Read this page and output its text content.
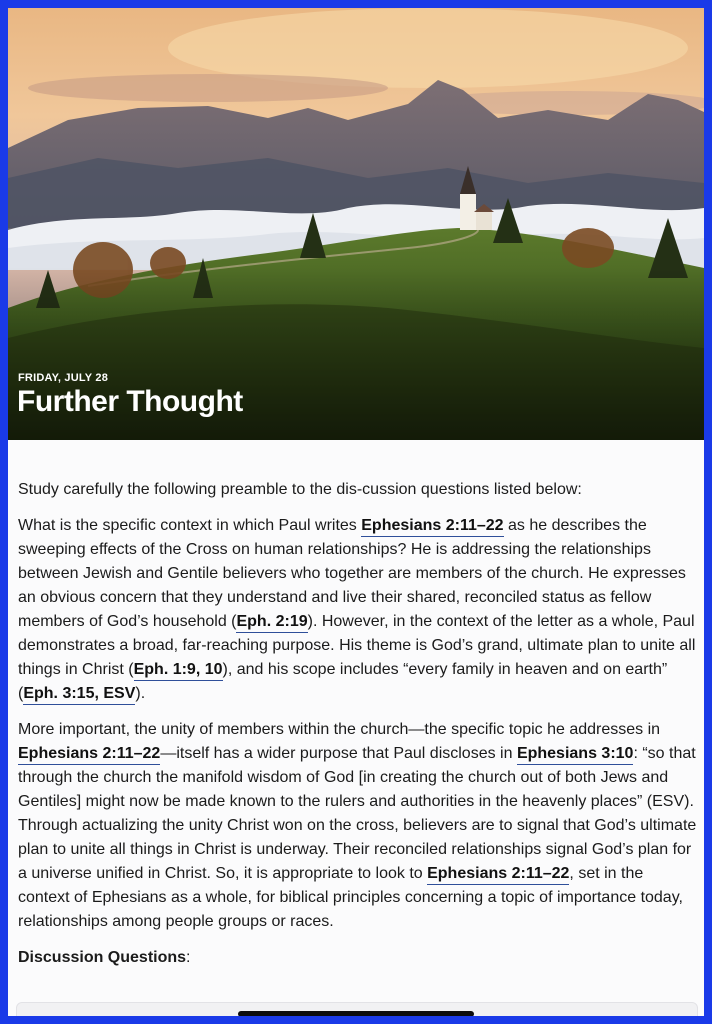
FRIDAY, JULY 28
Further Thought

Study carefully the following preamble to the dis-cussion questions listed below:

What is the specific context in which Paul writes Ephesians 2:11–22 as he describes the sweeping effects of the Cross on human relationships? He is addressing the relationships between Jewish and Gentile believers who together are members of the church. He expresses an obvious concern that they understand and live their shared, reconciled status as fellow members of God’s household (Eph. 2:19). However, in the context of the letter as a whole, Paul demonstrates a broad, far-reaching purpose. His theme is God’s grand, ultimate plan to unite all things in Christ (Eph. 1:9, 10), and his scope includes “every family in heaven and on earth” (Eph. 3:15, ESV).

More important, the unity of members within the church—the specific topic he addresses in Ephesians 2:11–22—itself has a wider purpose that Paul discloses in Ephesians 3:10: “so that through the church the manifold wisdom of God [in creating the church out of both Jews and Gentiles] might now be made known to the rulers and authorities in the heavenly places” (ESV). Through actualizing the unity Christ won on the cross, believers are to signal that God’s ultimate plan to unite all things in Christ is underway. Their reconciled relationships signal God’s plan for a universe unified in Christ. So, it is appropriate to look to Ephesians 2:11–22, set in the context of Ephesians as a whole, for biblical principles concerning a topic of importance today, relationships among people groups or races.

Discussion Questions:
